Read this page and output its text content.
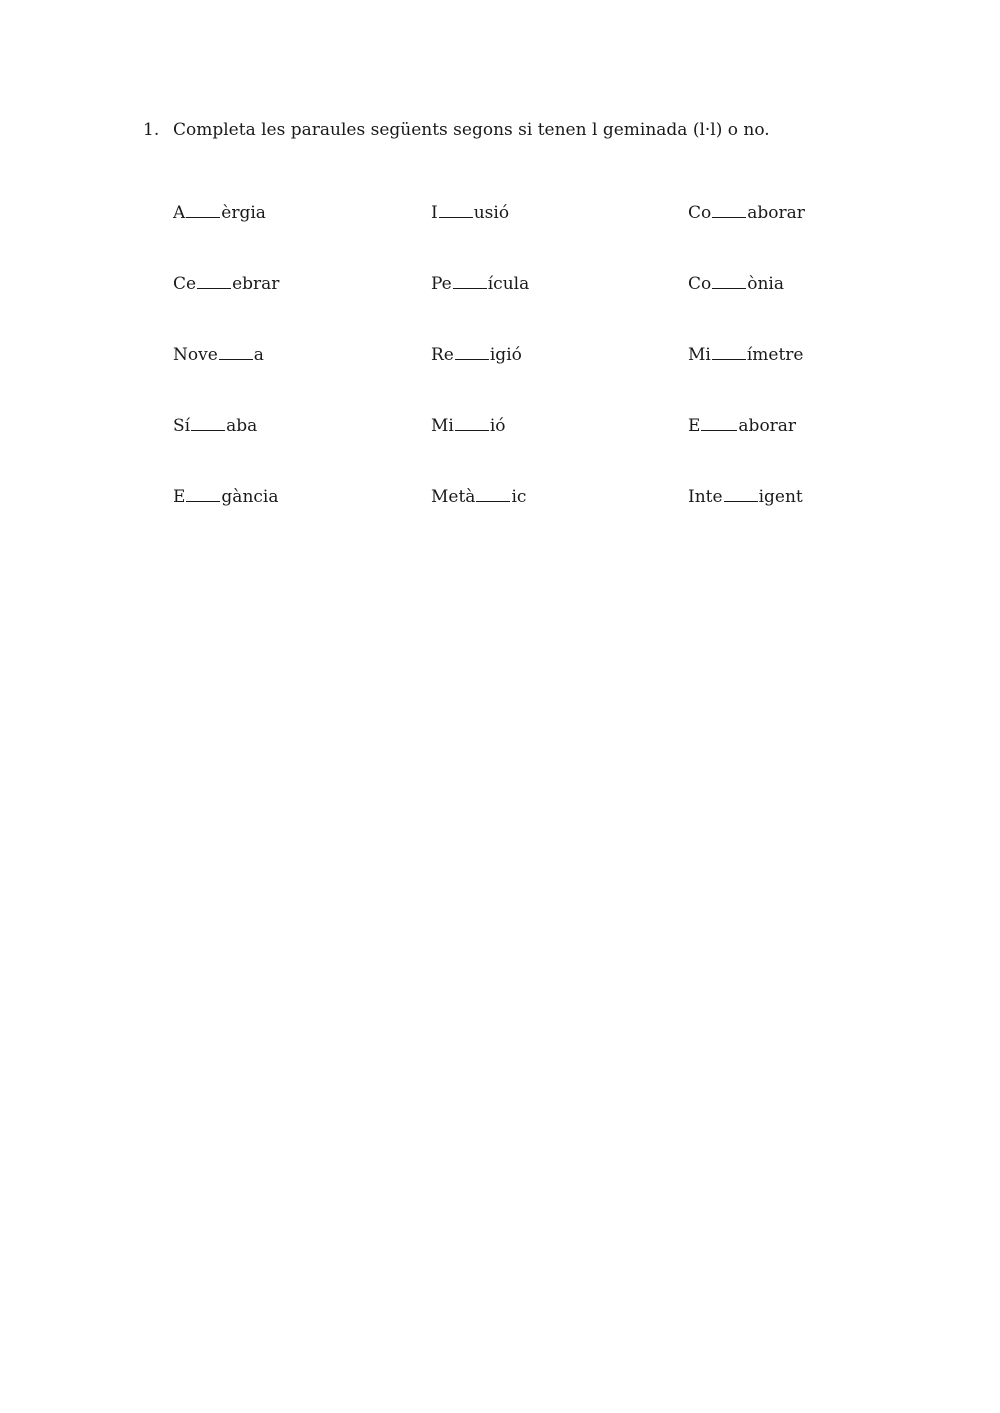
1. Completa les paraules següents segons si tenen l geminada (l·l) o no.
A èrgia	I usió	Co aborar
Ce ebrar	Pe ícula	Co ònia
Nove a	Re igió	Mi ímetre
Sí aba	Mi ió	E aborar
E gància	Metà ic	Inte igent
